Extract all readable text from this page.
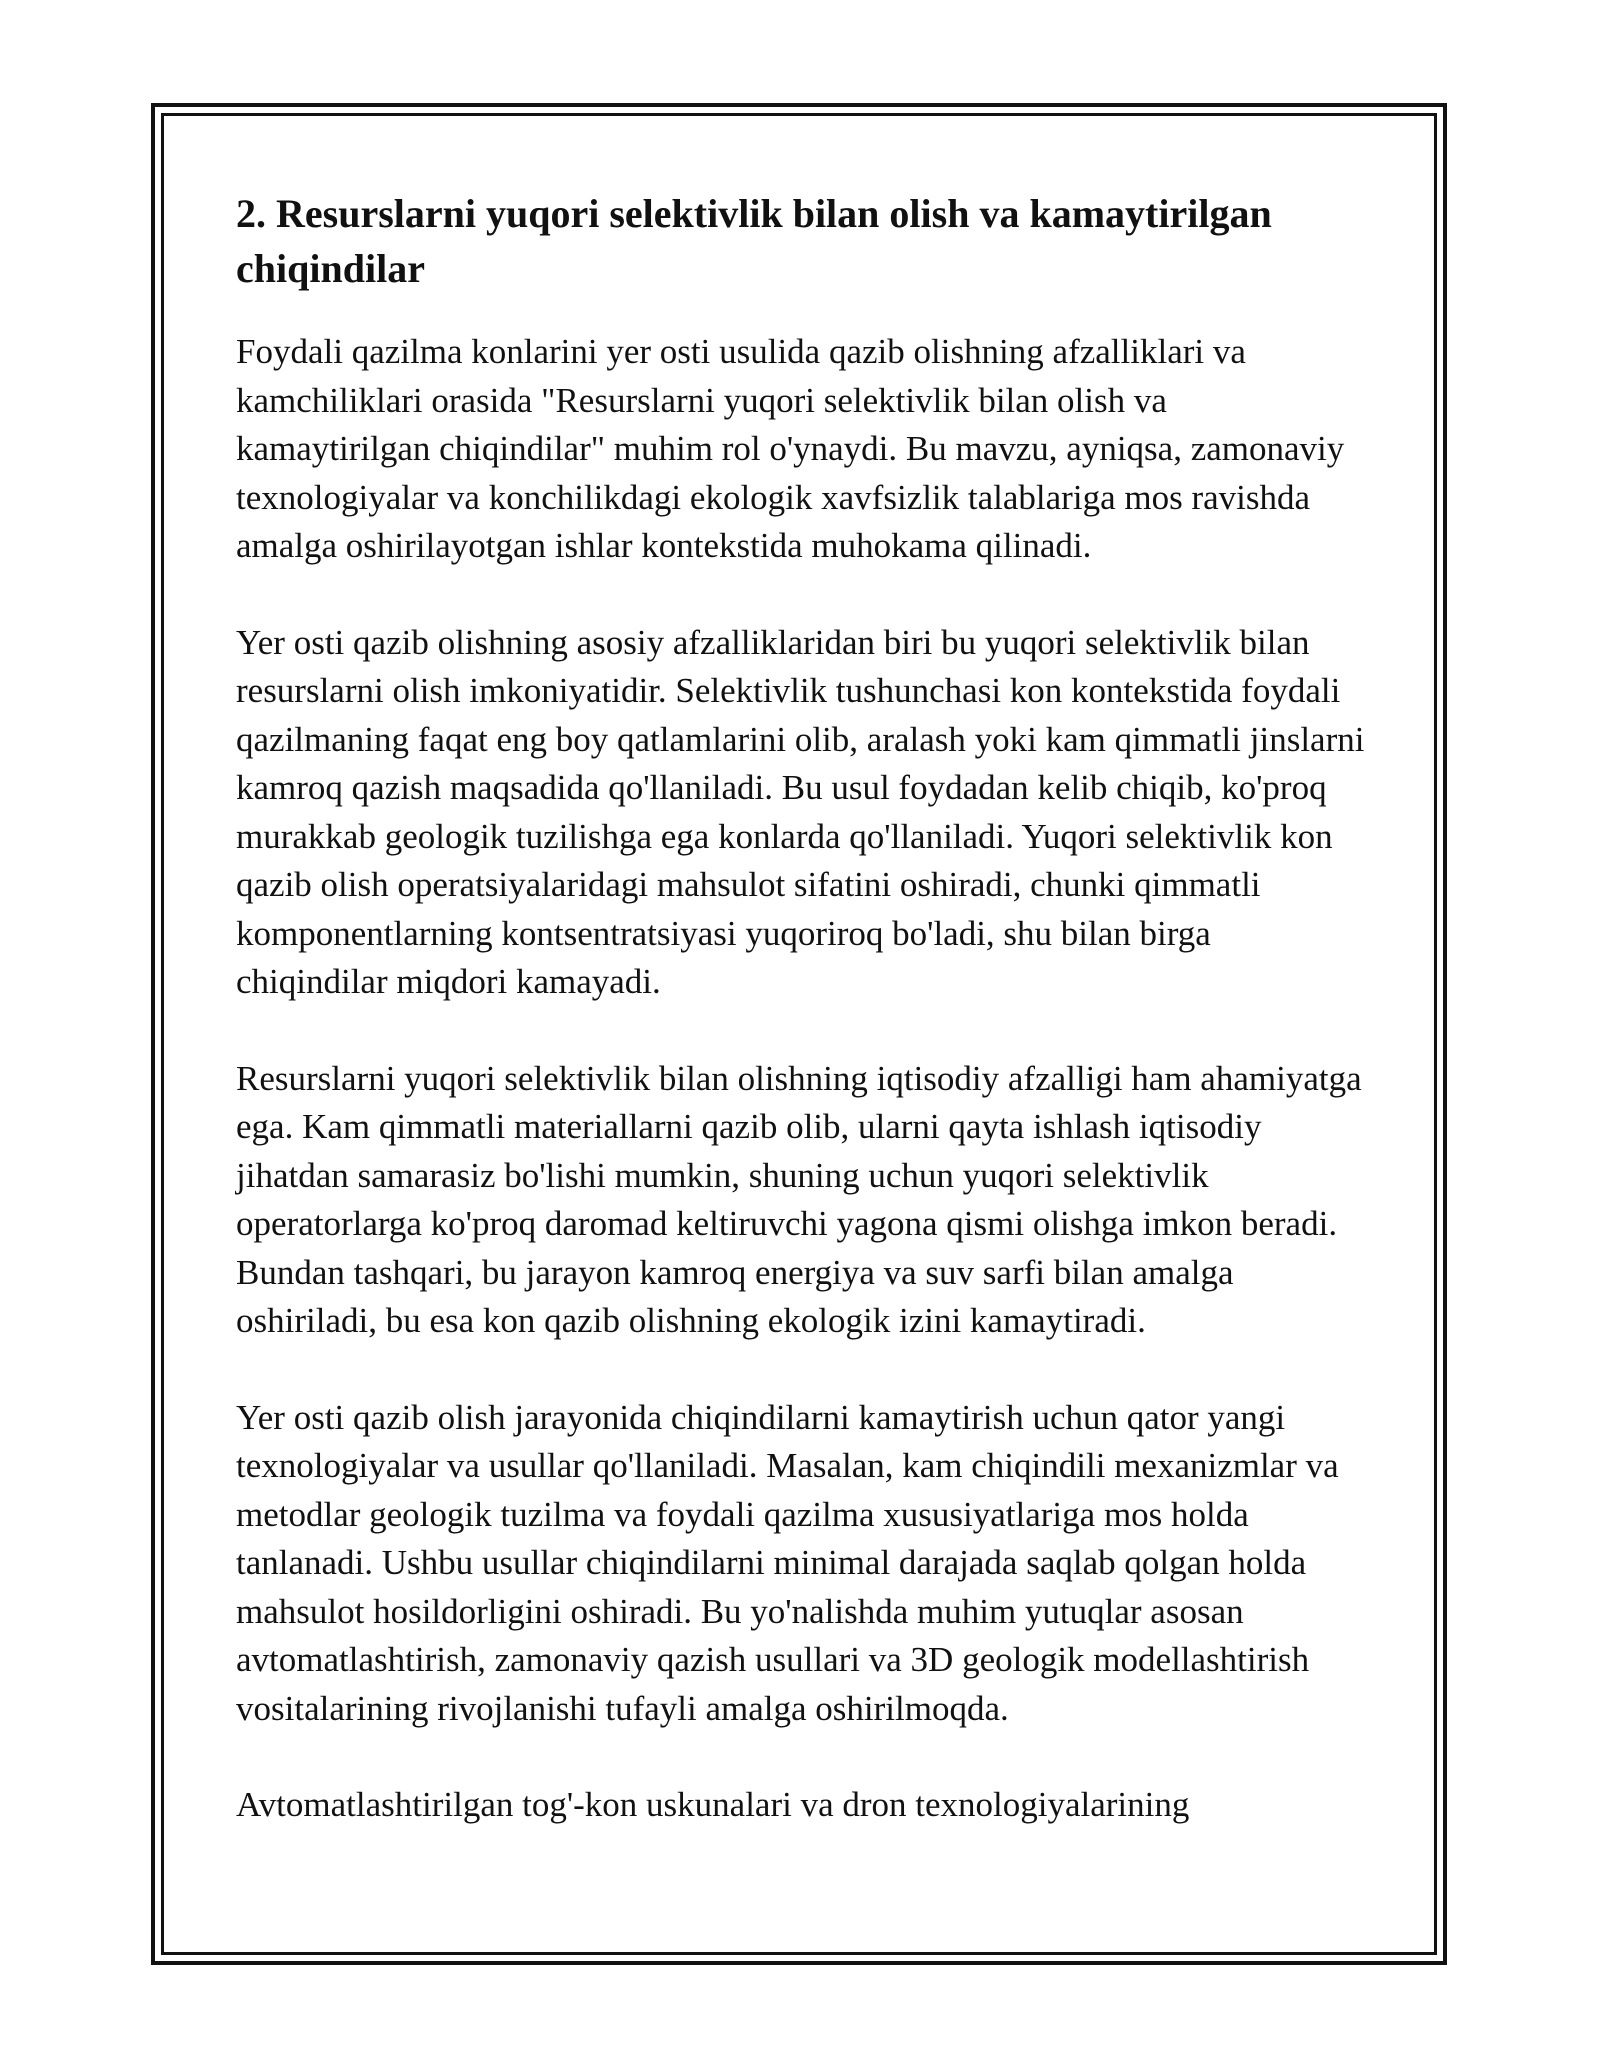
2. Resurslarni yuqori selektivlik bilan olish va kamaytirilgan chiqindilar

Foydali qazilma konlarini yer osti usulida qazib olishning afzalliklari va kamchiliklari orasida "Resurslarni yuqori selektivlik bilan olish va kamaytirilgan chiqindilar" muhim rol o'ynaydi. Bu mavzu, ayniqsa, zamonaviy texnologiyalar va konchilikdagi ekologik xavfsizlik talablariga mos ravishda amalga oshirilayotgan ishlar kontekstida muhokama qilinadi.

Yer osti qazib olishning asosiy afzalliklaridan biri bu yuqori selektivlik bilan resurslarni olish imkoniyatidir. Selektivlik tushunchasi kon kontekstida foydali qazilmaning faqat eng boy qatlamlarini olib, aralash yoki kam qimmatli jinslarni kamroq qazish maqsadida qo'llaniladi. Bu usul foydadan kelib chiqib, ko'proq murakkab geologik tuzilishga ega konlarda qo'llaniladi. Yuqori selektivlik kon qazib olish operatsiyalaridagi mahsulot sifatini oshiradi, chunki qimmatli komponentlarning kontsentratsiyasi yuqoriroq bo'ladi, shu bilan birga chiqindilar miqdori kamayadi.

Resurslarni yuqori selektivlik bilan olishning iqtisodiy afzalligi ham ahamiyatga ega. Kam qimmatli materiallarni qazib olib, ularni qayta ishlash iqtisodiy jihatdan samarasiz bo'lishi mumkin, shuning uchun yuqori selektivlik operatorlarga ko'proq daromad keltiruvchi yagona qismi olishga imkon beradi. Bundan tashqari, bu jarayon kamroq energiya va suv sarfi bilan amalga oshiriladi, bu esa kon qazib olishning ekologik izini kamaytiradi.

Yer osti qazib olish jarayonida chiqindilarni kamaytirish uchun qator yangi texnologiyalar va usullar qo'llaniladi. Masalan, kam chiqindili mexanizmlar va metodlar geologik tuzilma va foydali qazilma xususiyatlariga mos holda tanlanadi. Ushbu usullar chiqindilarni minimal darajada saqlab qolgan holda mahsulot hosildorligini oshiradi. Bu yo'nalishda muhim yutuqlar asosan avtomatlashtirish, zamonaviy qazish usullari va 3D geologik modellashtirish vositalarining rivojlanishi tufayli amalga oshirilmoqda.

Avtomatlashtirilgan tog'-kon uskunalari va dron texnologiyalarining
